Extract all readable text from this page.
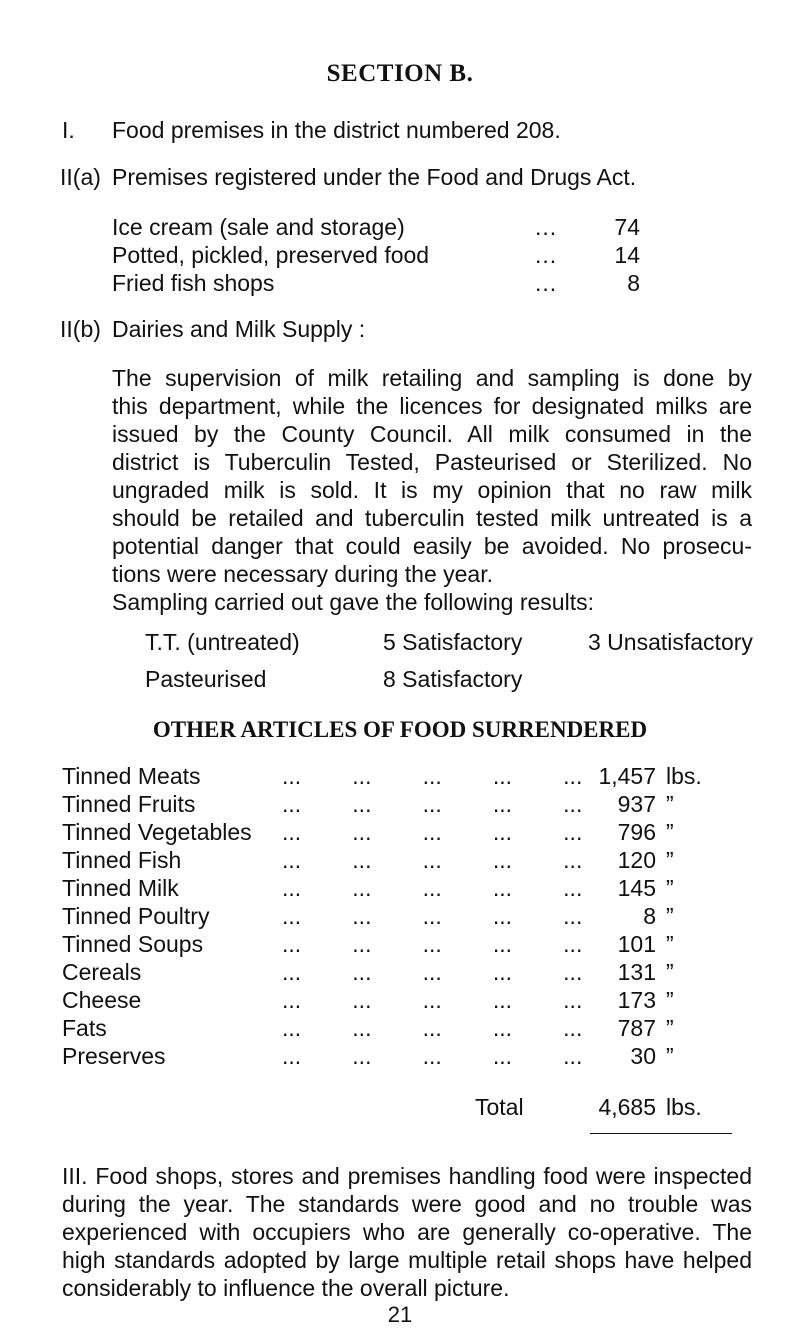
SECTION B.
I. Food premises in the district numbered 208.
II(a) Premises registered under the Food and Drugs Act.
Ice cream (sale and storage)	...	74
Potted, pickled, preserved food	...	14
Fried fish shops	...	8
II(b) Dairies and Milk Supply :
The supervision of milk retailing and sampling is done by
this department, while the licences for designated milks are
issued by the County Council. All milk consumed in the
district is Tuberculin Tested, Pasteurised or Sterilized. No
ungraded milk is sold. It is my opinion that no raw milk
should be retailed and tuberculin tested milk untreated is a
potential danger that could easily be avoided. No prosecu-
tions were necessary during the year.
Sampling carried out gave the following results:
T.T. (untreated)	5 Satisfactory	3 Unsatisfactory
Pasteurised	8 Satisfactory
OTHER ARTICLES OF FOOD SURRENDERED
Tinned Meats	...        ...        ...        ...        ... 1,457 lbs.
Tinned Fruits	...        ...        ...        ...        ...	937 ”
Tinned Vegetables ...        ...        ...        ...        ...	796 ”
Tinned Fish	...        ...        ...        ...        ...	120 ”
Tinned Milk	...        ...        ...        ...        ...	145 ”
Tinned Poultry	...        ...        ...        ...        ...	8 ”
Tinned Soups	...        ...        ...        ...        ...	101 ”
Cereals	...        ...        ...        ...        ...	131 ”
Cheese	...        ...        ...        ...        ...	173 ”
Fats	...        ...        ...        ...        ...	787 ”
Preserves	...        ...        ...        ...        ...	30 ”
Total	4,685 lbs.
III. Food shops, stores and premises handling food were inspected
during the year. The standards were good and no trouble was
experienced with occupiers who are generally co-operative. The
high standards adopted by large multiple retail shops have helped
considerably to influence the overall picture.
21
